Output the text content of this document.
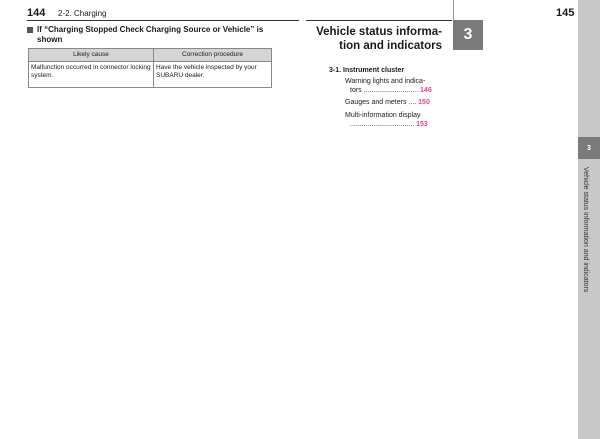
144 2-2. Charging
If “Charging Stopped Check Charging Source or Vehicle” is
shown
Likely cause	Correction procedure
Malfunction occurred in connector locking system.	Have the vehicle inspected by your SUBARU dealer.
145
Vehicle status informa-
tion and indicators
3
3-1. Instrument cluster
Warning lights and indica-
tors ............................ 146
Gauges and meters .... 150
Multi-information display
................................. 153
3
Vehicle status information and indicators
